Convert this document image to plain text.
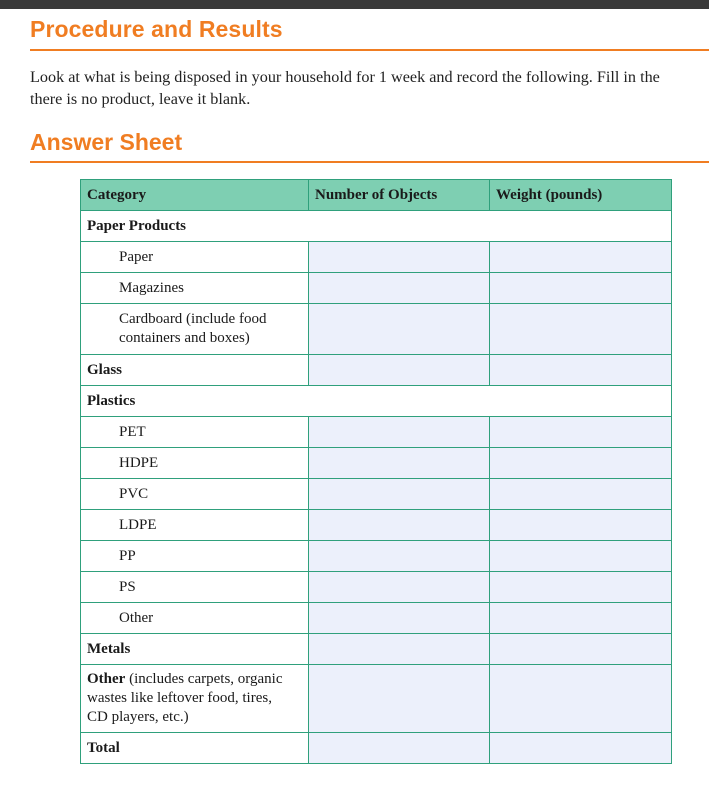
Procedure and Results
Look at what is being disposed in your household for 1 week and record the following. Fill in the
there is no product, leave it blank.
Answer Sheet
Category	Number of Objects	Weight (pounds)
Paper Products		
Paper		
Magazines		

Cardboard (include food
containers and boxes)		

Glass		
Plastics		
PET		
HDPE		
PVC		
LDPE		
PP		
PS		
Other		
Metals		

Other (includes carpets, organic
wastes like leftover food, tires,
CD players, etc.)		

Total		
